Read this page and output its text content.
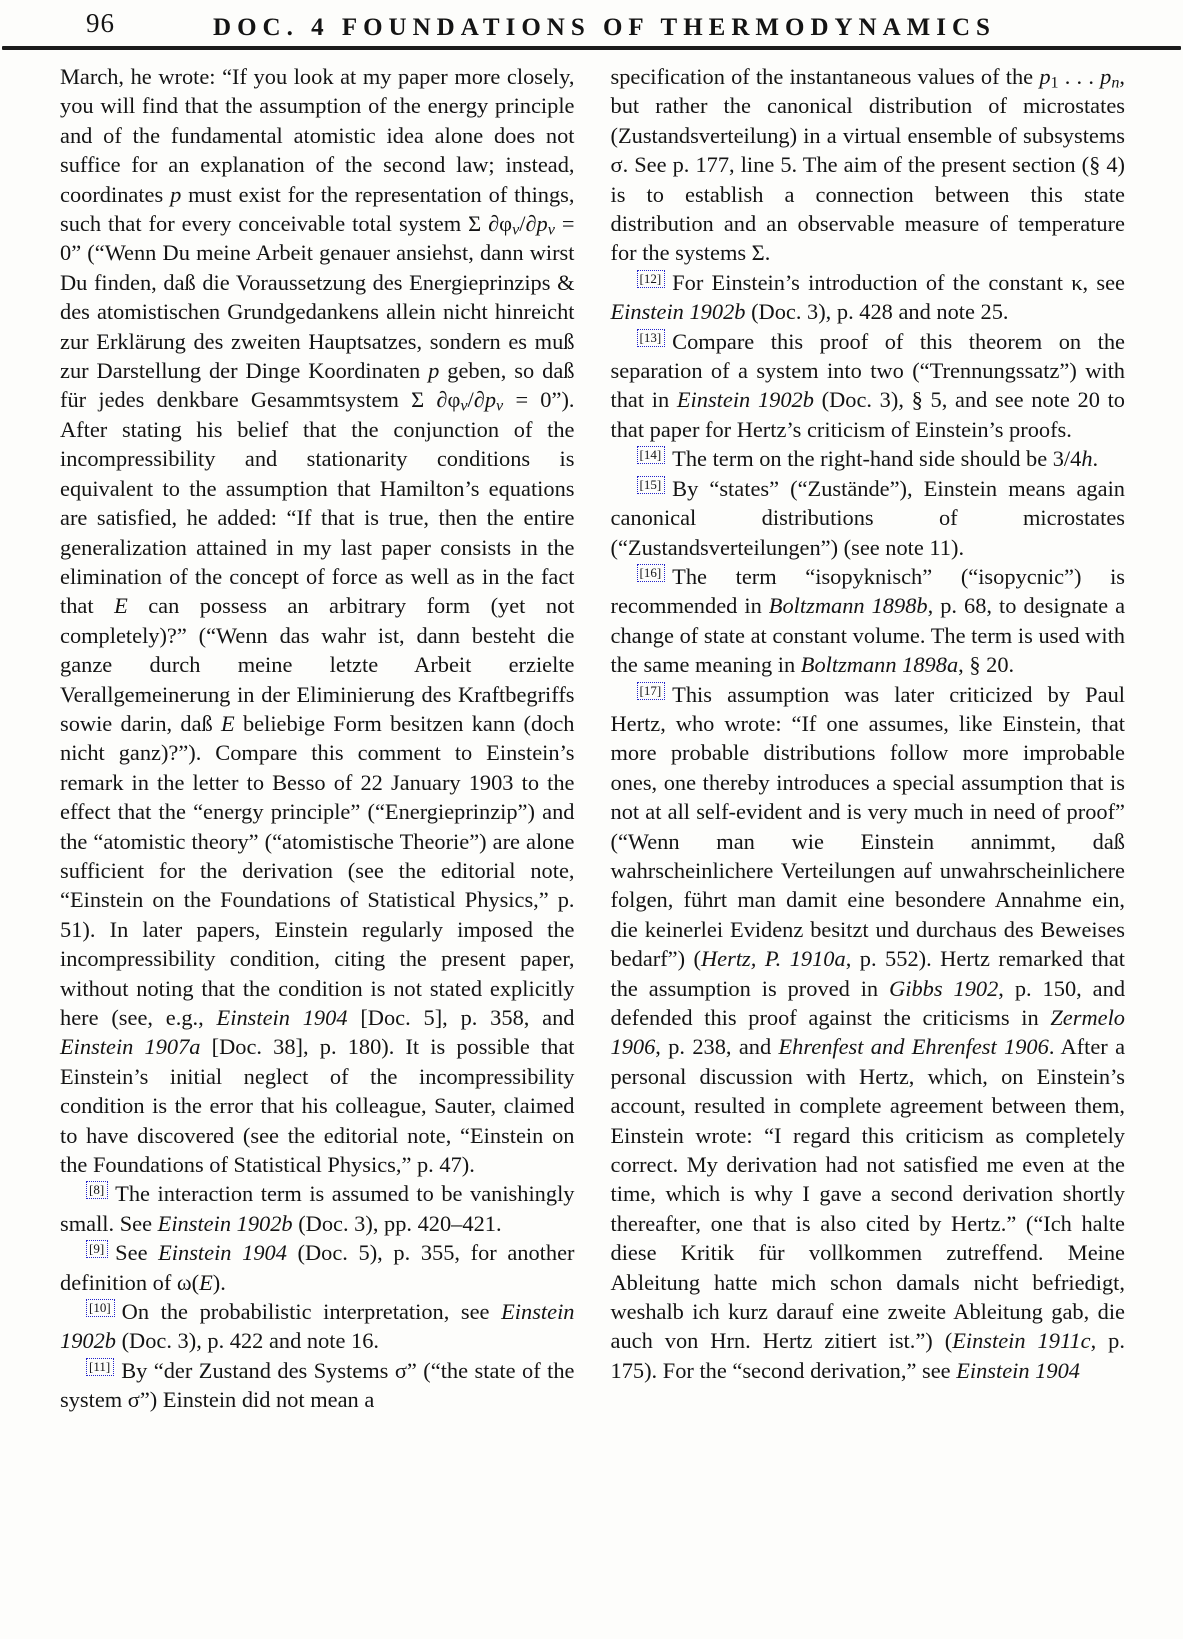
96	DOC. 4 FOUNDATIONS OF THERMODYNAMICS

March, he wrote: “If you look at my paper more closely, you will find that the assumption of the energy principle and of the fundamental atomistic idea alone does not suffice for an explanation of the second law; instead, coordinates p must exist for the representation of things, such that for every conceivable total system Σ ∂φν/∂pν = 0” (“Wenn Du meine Arbeit genauer ansiehst, dann wirst Du finden, daß die Voraussetzung des Energieprinzips & des atomistischen Grundgedankens allein nicht hinreicht zur Erklärung des zweiten Hauptsatzes, sondern es muß zur Darstellung der Dinge Koordinaten p geben, so daß für jedes denkbare Gesammtsystem Σ ∂φν/∂pν = 0”). After stating his belief that the conjunction of the incompressibility and stationarity conditions is equivalent to the assumption that Hamilton’s equations are satisfied, he added: “If that is true, then the entire generalization attained in my last paper consists in the elimination of the concept of force as well as in the fact that E can possess an arbitrary form (yet not completely)?” (“Wenn das wahr ist, dann besteht die ganze durch meine letzte Arbeit erzielte Verallgemeinerung in der Eliminierung des Kraftbegriffs sowie darin, daß E beliebige Form besitzen kann (doch nicht ganz)?”). Compare this comment to Einstein’s remark in the letter to Besso of 22 January 1903 to the effect that the “energy principle” (“Energieprinzip”) and the “atomistic theory” (“atomistische Theorie”) are alone sufficient for the derivation (see the editorial note, “Einstein on the Foundations of Statistical Physics,” p. 51). In later papers, Einstein regularly imposed the incompressibility condition, citing the present paper, without noting that the condition is not stated explicitly here (see, e.g., Einstein 1904 [Doc. 5], p. 358, and Einstein 1907a [Doc. 38], p. 180). It is possible that Einstein’s initial neglect of the incompressibility condition is the error that his colleague, Sauter, claimed to have discovered (see the editorial note, “Einstein on the Foundations of Statistical Physics,” p. 47).

[8] The interaction term is assumed to be vanishingly small. See Einstein 1902b (Doc. 3), pp. 420–421.

[9] See Einstein 1904 (Doc. 5), p. 355, for another definition of ω(E).

[10] On the probabilistic interpretation, see Einstein 1902b (Doc. 3), p. 422 and note 16.

[11] By “der Zustand des Systems σ” (“the state of the system σ”) Einstein did not mean a

specification of the instantaneous values of the p1 . . . pn, but rather the canonical distribution of microstates (Zustandsverteilung) in a virtual ensemble of subsystems σ. See p. 177, line 5. The aim of the present section (§ 4) is to establish a connection between this state distribution and an observable measure of temperature for the systems Σ.

[12] For Einstein’s introduction of the constant κ, see Einstein 1902b (Doc. 3), p. 428 and note 25.

[13] Compare this proof of this theorem on the separation of a system into two (“Trennungssatz”) with that in Einstein 1902b (Doc. 3), § 5, and see note 20 to that paper for Hertz’s criticism of Einstein’s proofs.

[14] The term on the right-hand side should be 3/4h.

[15] By “states” (“Zustände”), Einstein means again canonical distributions of microstates (“Zustandsverteilungen”) (see note 11).

[16] The term “isopyknisch” (“isopycnic”) is recommended in Boltzmann 1898b, p. 68, to designate a change of state at constant volume. The term is used with the same meaning in Boltzmann 1898a, § 20.

[17] This assumption was later criticized by Paul Hertz, who wrote: “If one assumes, like Einstein, that more probable distributions follow more improbable ones, one thereby introduces a special assumption that is not at all self-evident and is very much in need of proof” (“Wenn man wie Einstein annimmt, daß wahrscheinlichere Verteilungen auf unwahrscheinlichere folgen, führt man damit eine besondere Annahme ein, die keinerlei Evidenz besitzt und durchaus des Beweises bedarf”) (Hertz, P. 1910a, p. 552). Hertz remarked that the assumption is proved in Gibbs 1902, p. 150, and defended this proof against the criticisms in Zermelo 1906, p. 238, and Ehrenfest and Ehrenfest 1906. After a personal discussion with Hertz, which, on Einstein’s account, resulted in complete agreement between them, Einstein wrote: “I regard this criticism as completely correct. My derivation had not satisfied me even at the time, which is why I gave a second derivation shortly thereafter, one that is also cited by Hertz.” (“Ich halte diese Kritik für vollkommen zutreffend. Meine Ableitung hatte mich schon damals nicht befriedigt, weshalb ich kurz darauf eine zweite Ableitung gab, die auch von Hrn. Hertz zitiert ist.”) (Einstein 1911c, p. 175). For the “second derivation,” see Einstein 1904
